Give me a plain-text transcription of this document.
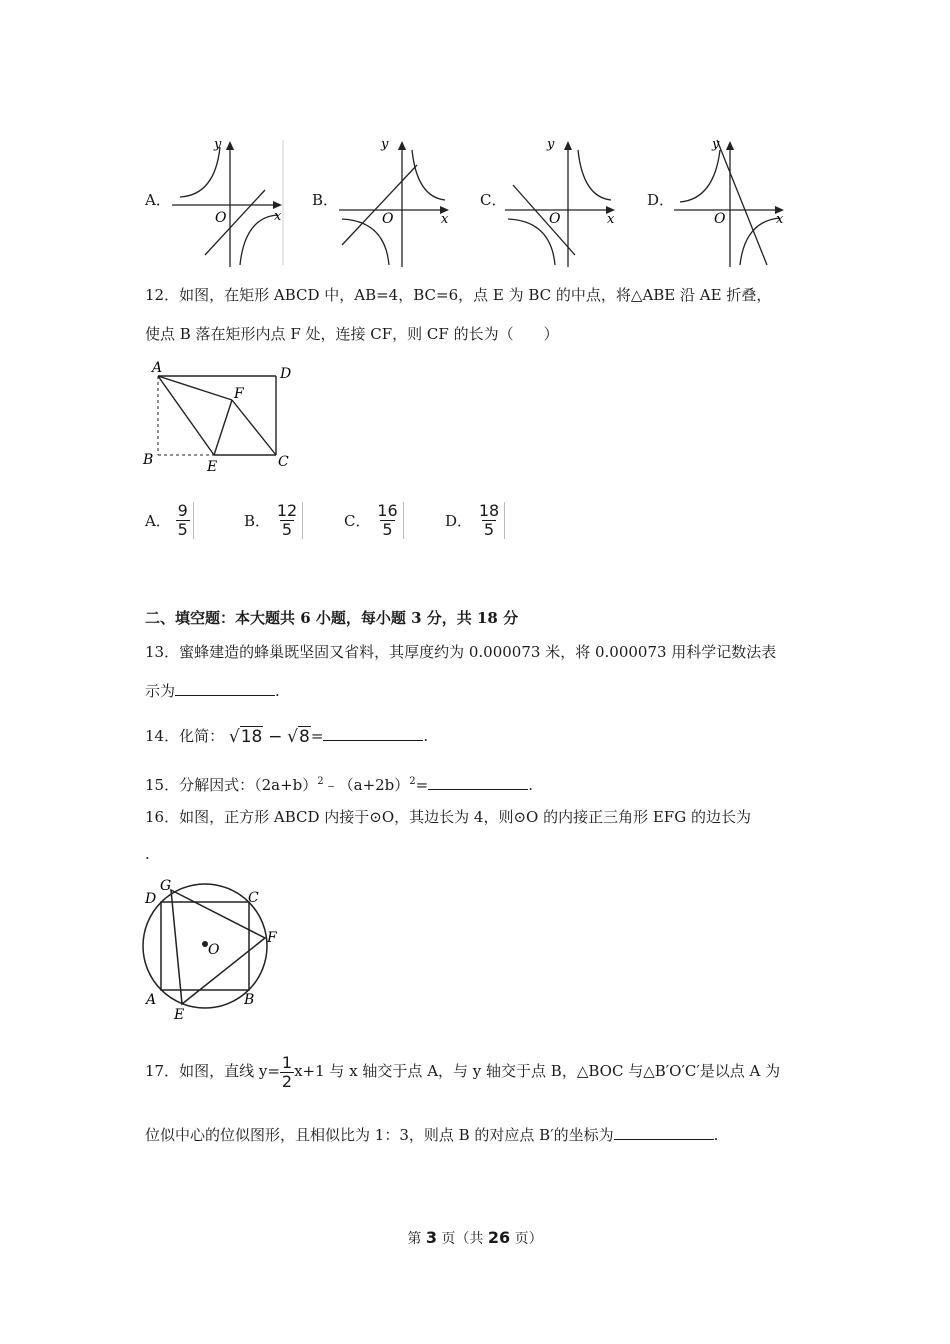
A．
y
O	x
B．
y
O	x
C．
y
O	x
D．
y
O	x
12．如图，在矩形 ABCD 中，AB=4，BC=6，点 E 为 BC 的中点，将△ABE 沿 AE 折叠，
使点 B 落在矩形内点 F 处，连接 CF，则 CF 的长为（　　）
A	D
F
B	E	C
A． $\frac{9}{5}$	B． $\frac{12}{5}$	C． $\frac{16}{5}$	D． $\frac{18}{5}$
二、填空题：本大题共 6 小题，每小题 3 分，共 18 分
13．蜜蜂建造的蜂巢既坚固又省料，其厚度约为 0.000073 米，将 0.000073 用科学记数法表
示为	.
14．化简： √18 − √8=	.
15．分解因式：$(2a+b)^2﹣(a+2b)^2=$	.
16．如图，正方形 ABCD 内接于⊙O，其边长为 4，则⊙O 的内接正三角形 EFG 的边长为
.
O
G
D	C
F
A	B
E
17．如图，直线 $y= \frac{1}{2} x+1$ 与 x 轴交于点 A，与 y 轴交于点 B，△BOC 与△B′O′C′是以点 A 为
位似中心的位似图形，且相似比为 1：3，则点 B 的对应点 B′的坐标为	.
第 3 页（共 26 页）
